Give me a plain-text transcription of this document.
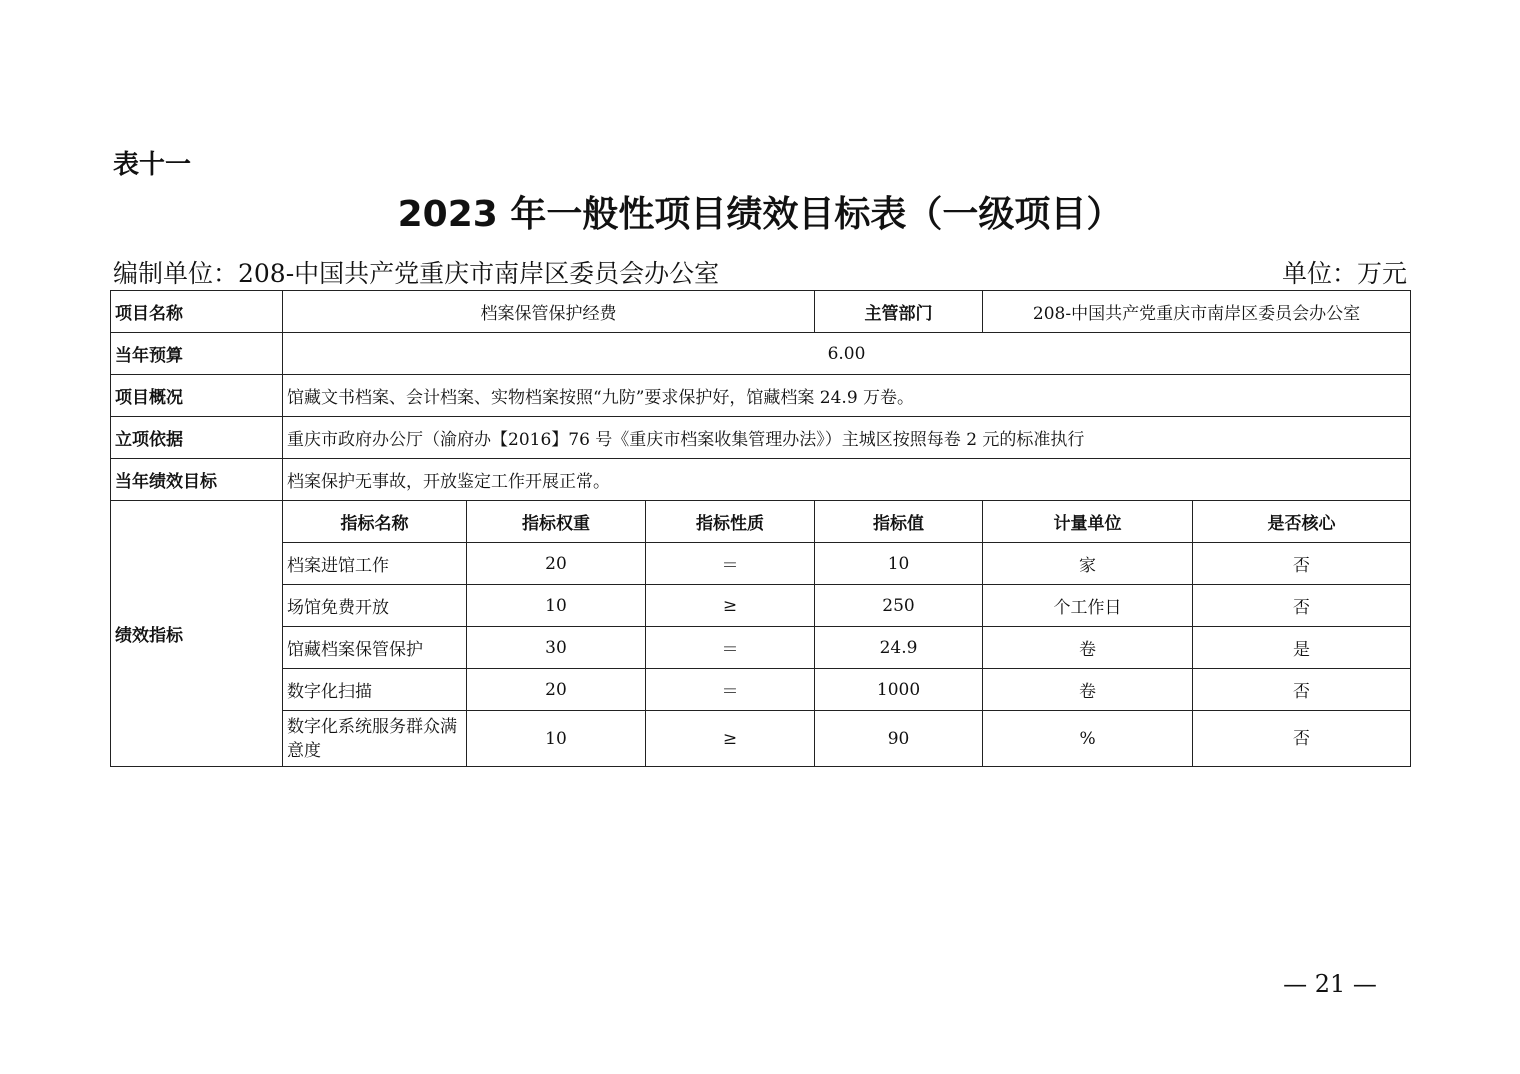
表十一
2023 年一般性项目绩效目标表（一级项目）
编制单位：208-中国共产党重庆市南岸区委员会办公室	单位：万元
项目名称	档案保管保护经费			主管部门	208-中国共产党重庆市南岸区委员会办公室	
当年预算	6.00					
项目概况	馆藏文书档案、会计档案、实物档案按照“九防”要求保护好，馆藏档案 24.9 万卷。					
立项依据	重庆市政府办公厅（渝府办【2016】76 号《重庆市档案收集管理办法》）主城区按照每卷 2 元的标准执行					
当年绩效目标	档案保护无事故，开放鉴定工作开展正常。					
绩效指标	指标名称	指标权重	指标性质	指标值	计量单位	是否核心
	档案进馆工作	20	＝	10	家	否
	场馆免费开放	10	≥	250	个工作日	否
	馆藏档案保管保护	30	＝	24.9	卷	是
	数字化扫描	20	＝	1000	卷	否
	数字化系统服务群众满意度	10	≥	90	%	否
— 21 —
